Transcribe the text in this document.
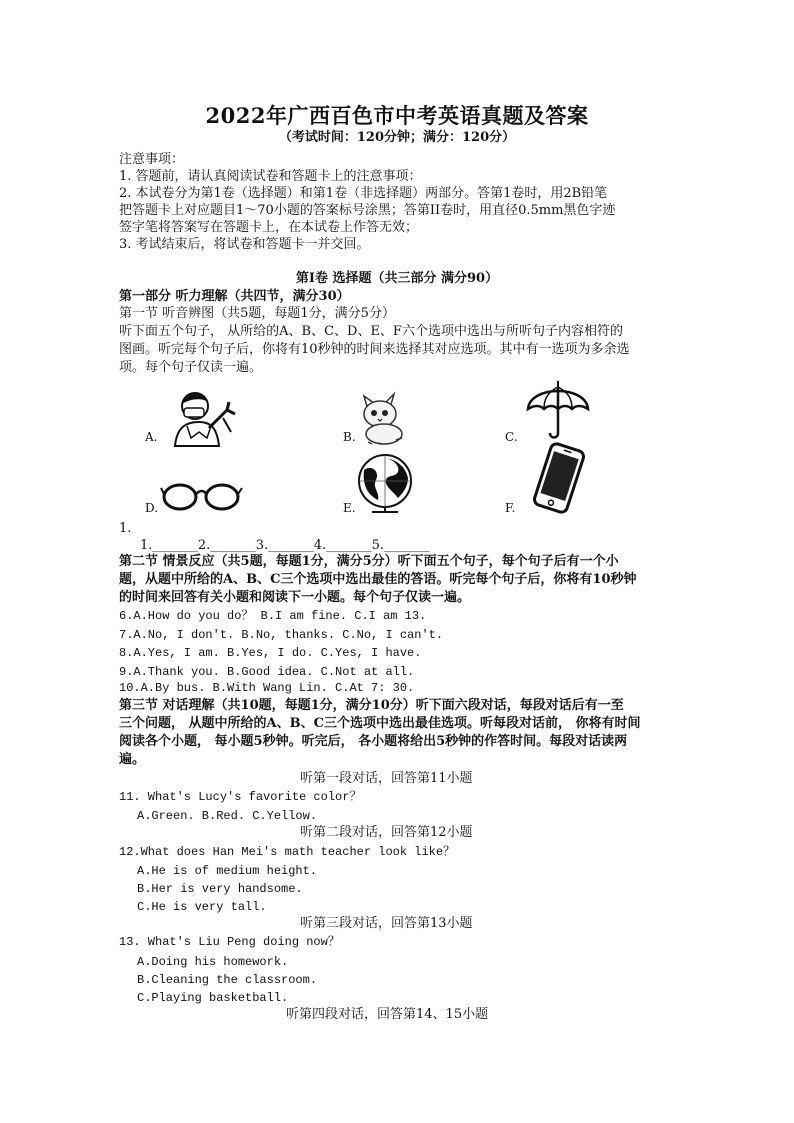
2022年广西百色市中考英语真题及答案
（考试时间：120分钟；满分：120分）
注意事项：
1. 答题前，请认真阅读试卷和答题卡上的注意事项：
2. 本试卷分为第1卷（选择题）和第1卷（非选择题）两部分。答第1卷时，用2B铅笔
把答题卡上对应题目1～70小题的答案标号涂黑；答第II卷时，用直径0.5mm黑色字迹
签字笔将答案写在答题卡上，在本试卷上作答无效；
3. 考试结束后，将试卷和答题卡一并交回。
第Ⅰ卷 选择题（共三部分 满分90）
第一部分 听力理解（共四节，满分30）
第一节 听音辨图（共5题，每题1分，满分5分）
听下面五个句子， 从所给的A、B、C、D、E、F六个选项中选出与所听句子内容相符的
图画。听完每个句子后，你将有10秒钟的时间来选择其对应选项。其中有一选项为多余选
项。每个句子仅读一遍。
A.	B.	C.
D.	E.	F.
1.
1._______2._______3._______4._______5._______
第二节 情景反应（共5题，每题1分，满分5分）听下面五个句子，每个句子后有一个小
题，从题中所给的A、B、C三个选项中选出最佳的答语。听完每个句子后，你将有10秒钟
的时间来回答有关小题和阅读下一小题。每个句子仅读一遍。
6.A.How do you do？ B.I am fine. C.I am 13.
7.A.No, I don't. B.No, thanks. C.No, I can't.
8.A.Yes, I am. B.Yes, I do. C.Yes, I have.
9.A.Thank you. B.Good idea. C.Not at all.
10.A.By bus. B.With Wang Lin. C.At 7: 30.
第三节 对话理解（共10题，每题1分，满分10分）听下面六段对话，每段对话后有一至
三个问题， 从题中所给的A、B、C三个选项中选出最佳选项。听每段对话前， 你将有时间
阅读各个小题， 每小题5秒钟。听完后， 各小题将给出5秒钟的作答时间。每段对话读两
遍。
听第一段对话，回答第11小题
11. What's Lucy's favorite color？
A.Green. B.Red. C.Yellow.
听第二段对话，回答第12小题
12.What does Han Mei's math teacher look like？
A.He is of medium height.
B.Her is very handsome.
C.He is very tall.
听第三段对话，回答第13小题
13. What's Liu Peng doing now？
A.Doing his homework.
B.Cleaning the classroom.
C.Playing basketball.
听第四段对话，回答第14、15小题
